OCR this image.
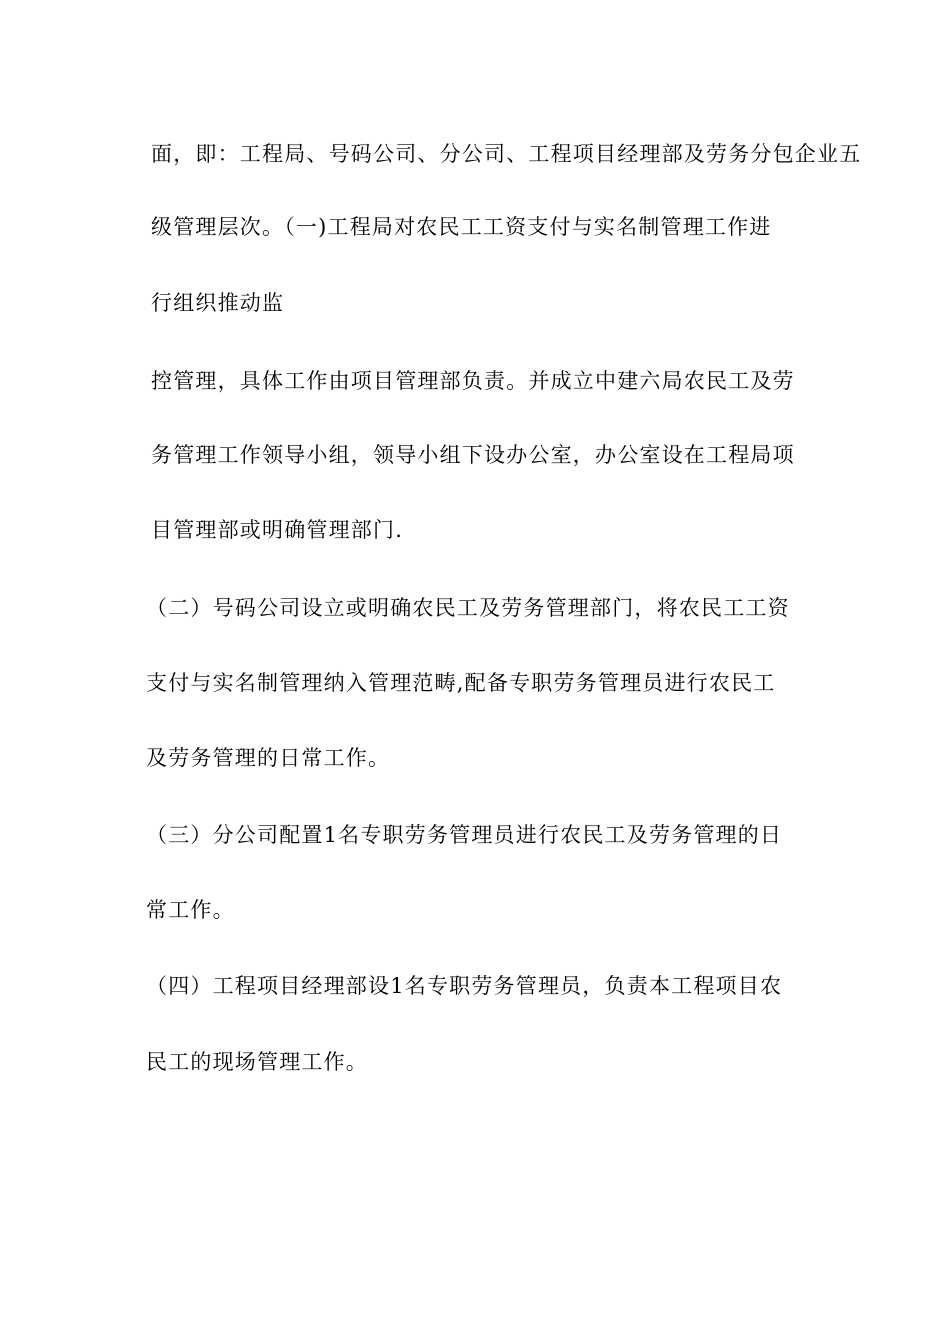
面，即：工程局、号码公司、分公司、工程项目经理部及劳务分包企业五
级管理层次。（一)工程局对农民工工资支付与实名制管理工作进
行组织推动监
控管理，具体工作由项目管理部负责。并成立中建六局农民工及劳
务管理工作领导小组，领导小组下设办公室，办公室设在工程局项
目管理部或明确管理部门.
（二）号码公司设立或明确农民工及劳务管理部门，将农民工工资
支付与实名制管理纳入管理范畴,配备专职劳务管理员进行农民工
及劳务管理的日常工作。
（三）分公司配置1名专职劳务管理员进行农民工及劳务管理的日
常工作。
（四）工程项目经理部设1名专职劳务管理员，负责本工程项目农
民工的现场管理工作。
